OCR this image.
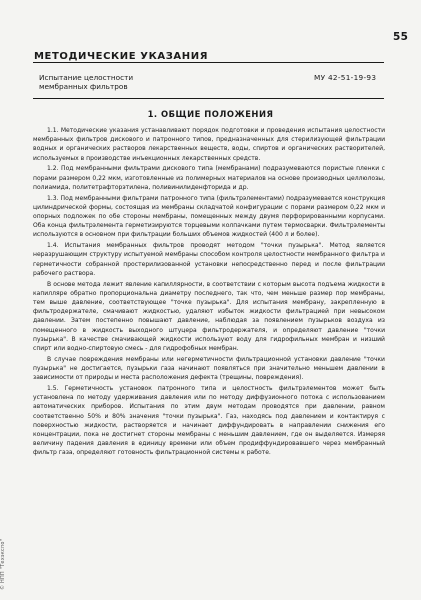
55
МЕТОДИЧЕСКИЕ УКАЗАНИЯ
Испытание целостности
мембранных фильтров
МУ 42-51-19-93
1. ОБЩИЕ ПОЛОЖЕНИЯ

1.1. Методические указания устанавливают порядок подготовки и проведения испытания целостности мембранных фильтров дискового и патронного типов, предназначенных для стерилизующей фильтрации водных и органических растворов лекарственных веществ, воды, спиртов и органических растворителей, используемых в производстве инъекционных лекарственных средств.

1.2. Под мембранными фильтрами дискового типа (мембранами) подразумеваются пористые пленки с порами размером 0,22 мкм, изготовленные из полимерных материалов на основе производных целлюлозы, полиамида, политетрафторэтилена, поливинилиденфторида и др.

1.3. Под мембранными фильтрами патронного типа (фильтрэлементами) подразумевается конструкция цилиндрической формы, состоящая из мембраны складчатой конфигурации с порами размером 0,22 мкм и опорных подложек по обе стороны мембраны, помещенных между двумя перфорированными корпусами. Оба конца фильтрэлемента герметизируются торцевыми колпачками путем термосварки. Фильтрэлементы используются в основном при фильтрации больших объемов жидкостей (400 л и более).

1.4. Испытания мембранных фильтров проводят методом "точки пузырька". Метод является неразрушающим структуру испытуемой мембраны способом контроля целостности мембранного фильтра и герметичности собранной простерилизованной установки непосредственно перед и после фильтрации рабочего раствора.

В основе метода лежит явление капиллярности, в соответствии с которым высота подъема жидкости в капилляре обратно пропорциональна диаметру последнего, так что, чем меньше размер пор мембраны, тем выше давление, соответствующее "точке пузырька". Для испытания мембрану, закрепленную в фильтродержателе, смачивают жидкостью, удаляют избыток жидкости фильтрацией при невысоком давлении. Затем постепенно повышают давление, наблюдая за появлением пузырьков воздуха из помещенного в жидкость выходного штуцера фильтродержателя, и определяют давление "точки пузырька". В качестве смачивающей жидкости используют воду для гидрофильных мембран и низший спирт или водно-спиртовую смесь - для гидрофобных мембран.

В случае повреждения мембраны или негерметичности фильтрационной установки давление "точки пузырька" не достигается, пузырьки газа начинают появляться при значительно меньшем давлении в зависимости от природы и места расположения дефекта (трещины, повреждения).

1.5. Герметичность установок патронного типа и целостность фильтрэлементов может быть установлена по методу удерживания давления или по методу диффузионного потока с использованием автоматических приборов. Испытания по этим двум методам проводятся при давлении, равном соответственно 50% и 80% значения "точки пузырька". Газ, находясь под давлением и контактируя с поверхностью жидкости, растворяется и начинает диффундировать в направлении снижения его концентрации, пока не достигнет стороны мембраны с меньшим давлением, где он выделяется. Измеряя величину падения давления в единицу времени или объем продиффундировавшего через мембранный фильтр газа, определяют готовность фильтрационной системы к работе.

© НПП "Техэкспо"
